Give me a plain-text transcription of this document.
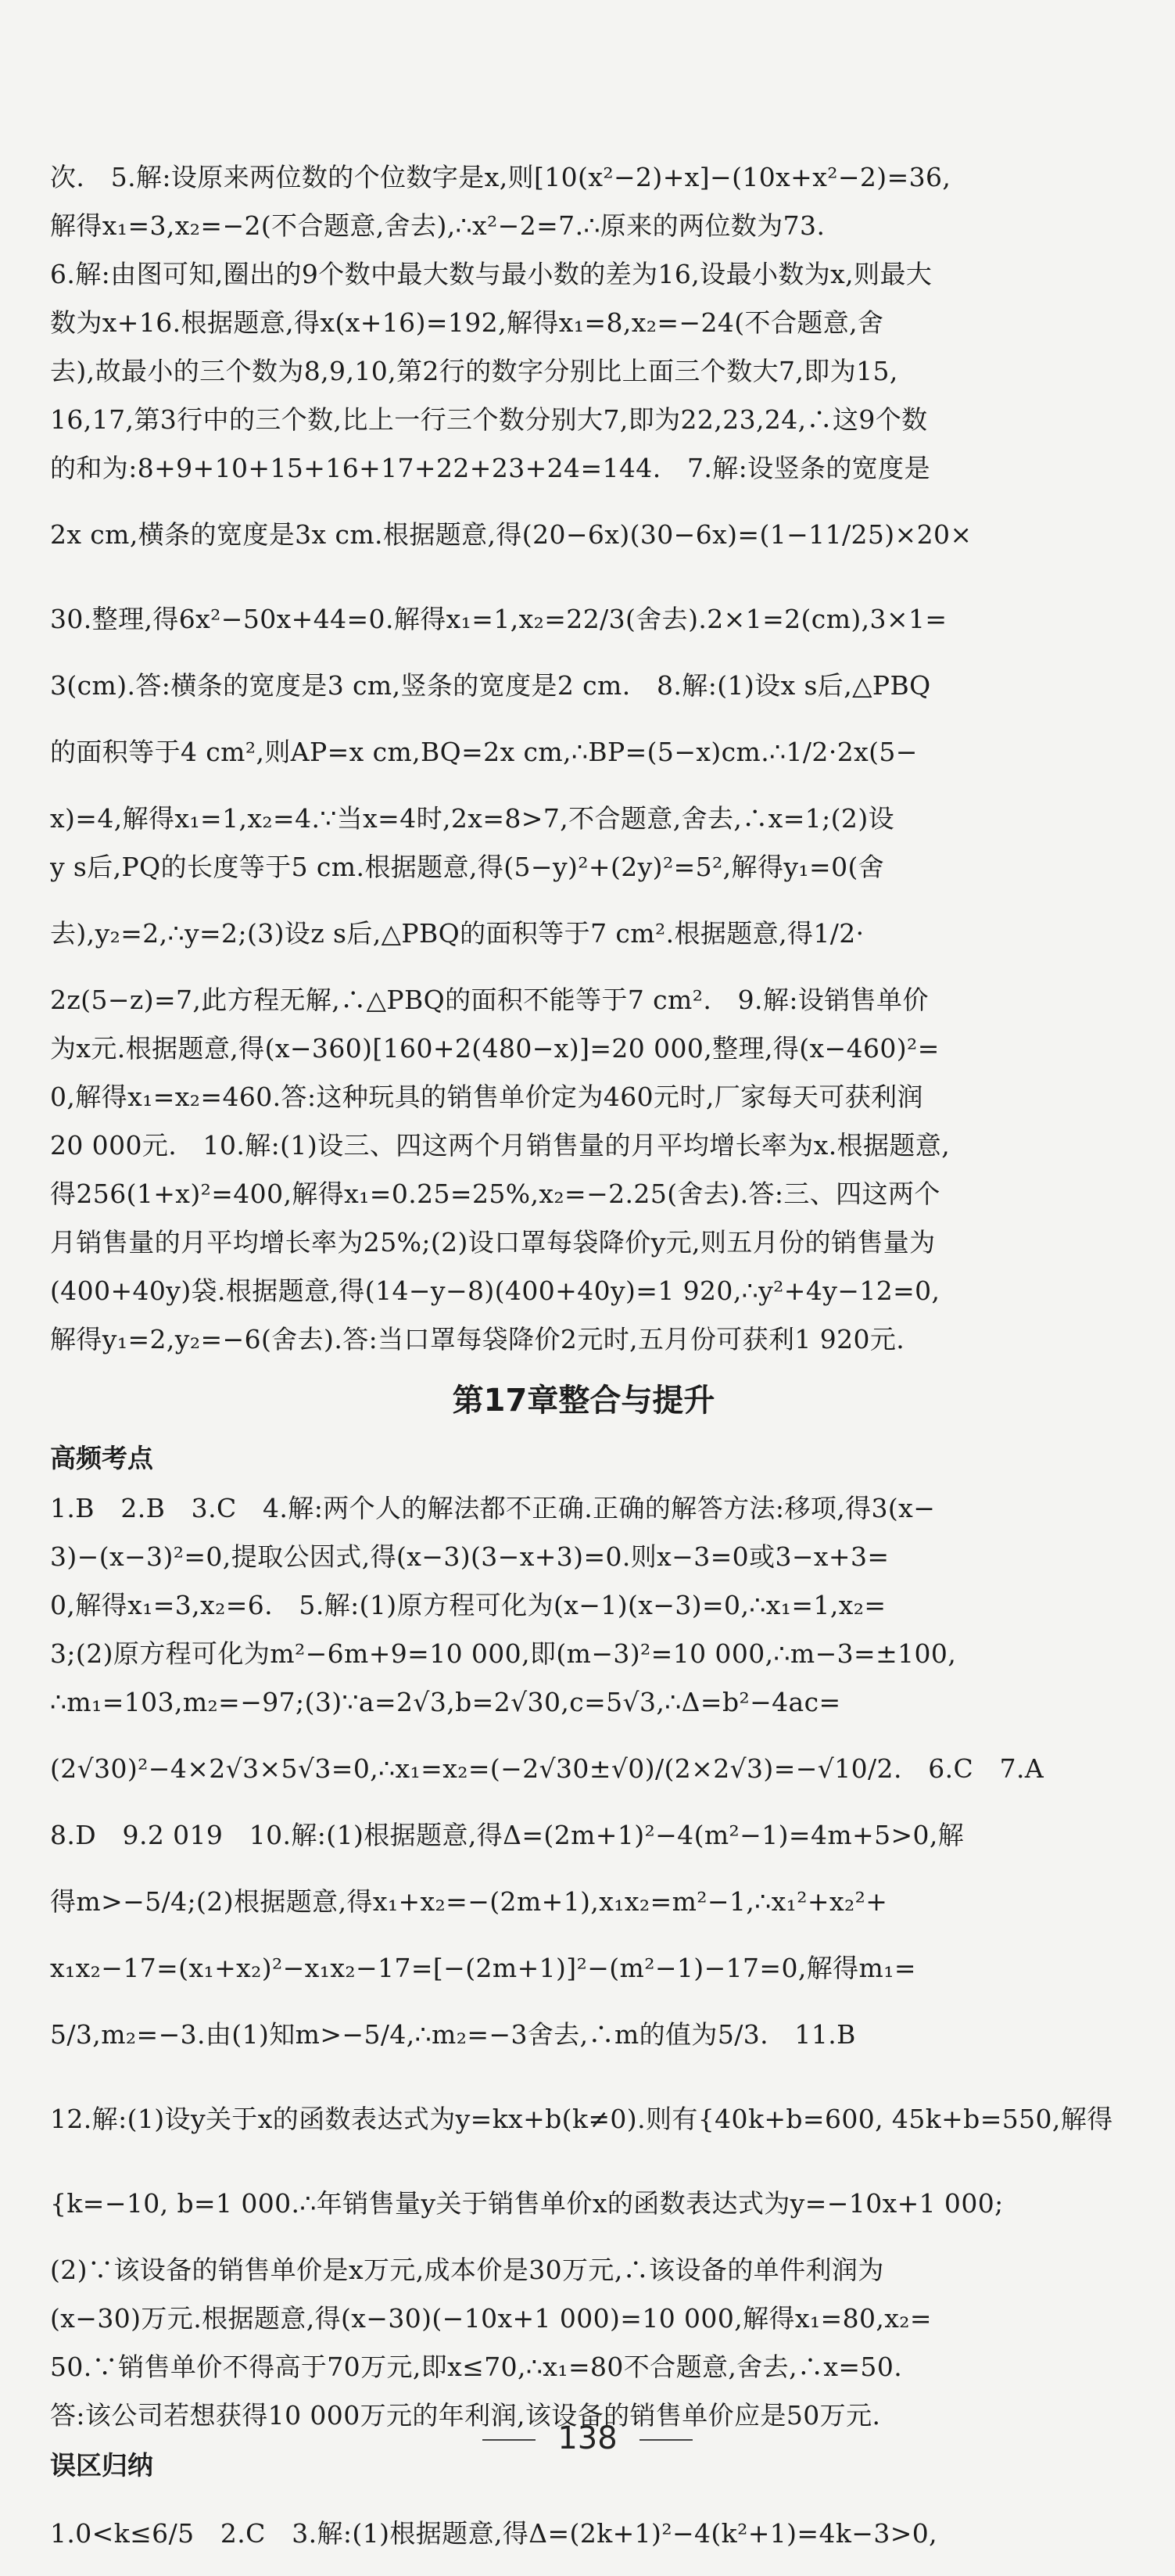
次.　5.解:设原来两位数的个位数字是x,则[10(x²−2)+x]−(10x+x²−2)=36,
解得x₁=3,x₂=−2(不合题意,舍去),∴x²−2=7.∴原来的两位数为73.
6.解:由图可知,圈出的9个数中最大数与最小数的差为16,设最小数为x,则最大
数为x+16.根据题意,得x(x+16)=192,解得x₁=8,x₂=−24(不合题意,舍
去),故最小的三个数为8,9,10,第2行的数字分别比上面三个数大7,即为15,
16,17,第3行中的三个数,比上一行三个数分别大7,即为22,23,24,∴这9个数
的和为:8+9+10+15+16+17+22+23+24=144.　7.解:设竖条的宽度是
2x cm,横条的宽度是3x cm.根据题意,得(20−6x)(30−6x)=(1−11/25)×20×
30.整理,得6x²−50x+44=0.解得x₁=1,x₂=22/3(舍去).2×1=2(cm),3×1=
3(cm).答:横条的宽度是3 cm,竖条的宽度是2 cm.　8.解:(1)设x s后,△PBQ
的面积等于4 cm²,则AP=x cm,BQ=2x cm,∴BP=(5−x)cm.∴1/2·2x(5−
x)=4,解得x₁=1,x₂=4.∵当x=4时,2x=8>7,不合题意,舍去,∴x=1;(2)设
y s后,PQ的长度等于5 cm.根据题意,得(5−y)²+(2y)²=5²,解得y₁=0(舍
去),y₂=2,∴y=2;(3)设z s后,△PBQ的面积等于7 cm².根据题意,得1/2·
2z(5−z)=7,此方程无解,∴△PBQ的面积不能等于7 cm².　9.解:设销售单价
为x元.根据题意,得(x−360)[160+2(480−x)]=20 000,整理,得(x−460)²=
0,解得x₁=x₂=460.答:这种玩具的销售单价定为460元时,厂家每天可获利润
20 000元.　10.解:(1)设三、四这两个月销售量的月平均增长率为x.根据题意,
得256(1+x)²=400,解得x₁=0.25=25%,x₂=−2.25(舍去).答:三、四这两个
月销售量的月平均增长率为25%;(2)设口罩每袋降价y元,则五月份的销售量为
(400+40y)袋.根据题意,得(14−y−8)(400+40y)=1 920,∴y²+4y−12=0,
解得y₁=2,y₂=−6(舍去).答:当口罩每袋降价2元时,五月份可获利1 920元.
第17章整合与提升
高频考点
1.B　2.B　3.C　4.解:两个人的解法都不正确.正确的解答方法:移项,得3(x−
3)−(x−3)²=0,提取公因式,得(x−3)(3−x+3)=0.则x−3=0或3−x+3=
0,解得x₁=3,x₂=6.　5.解:(1)原方程可化为(x−1)(x−3)=0,∴x₁=1,x₂=
3;(2)原方程可化为m²−6m+9=10 000,即(m−3)²=10 000,∴m−3=±100,
∴m₁=103,m₂=−97;(3)∵a=2√3,b=2√30,c=5√3,∴Δ=b²−4ac=
(2√30)²−4×2√3×5√3=0,∴x₁=x₂=(−2√30±√0)/(2×2√3)=−√10/2.　6.C　7.A
8.D　9.2 019　10.解:(1)根据题意,得Δ=(2m+1)²−4(m²−1)=4m+5>0,解
得m>−5/4;(2)根据题意,得x₁+x₂=−(2m+1),x₁x₂=m²−1,∴x₁²+x₂²+
x₁x₂−17=(x₁+x₂)²−x₁x₂−17=[−(2m+1)]²−(m²−1)−17=0,解得m₁=
5/3,m₂=−3.由(1)知m>−5/4,∴m₂=−3舍去,∴m的值为5/3.　11.B
12.解:(1)设y关于x的函数表达式为y=kx+b(k≠0).则有{40k+b=600, 45k+b=550,解得
{k=−10, b=1 000.∴年销售量y关于销售单价x的函数表达式为y=−10x+1 000;
(2)∵该设备的销售单价是x万元,成本价是30万元,∴该设备的单件利润为
(x−30)万元.根据题意,得(x−30)(−10x+1 000)=10 000,解得x₁=80,x₂=
50.∵销售单价不得高于70万元,即x≤70,∴x₁=80不合题意,舍去,∴x=50.
答:该公司若想获得10 000万元的年利润,该设备的销售单价应是50万元.
误区归纳
1.0<k≤6/5　2.C　3.解:(1)根据题意,得Δ=(2k+1)²−4(k²+1)=4k−3>0,
138
